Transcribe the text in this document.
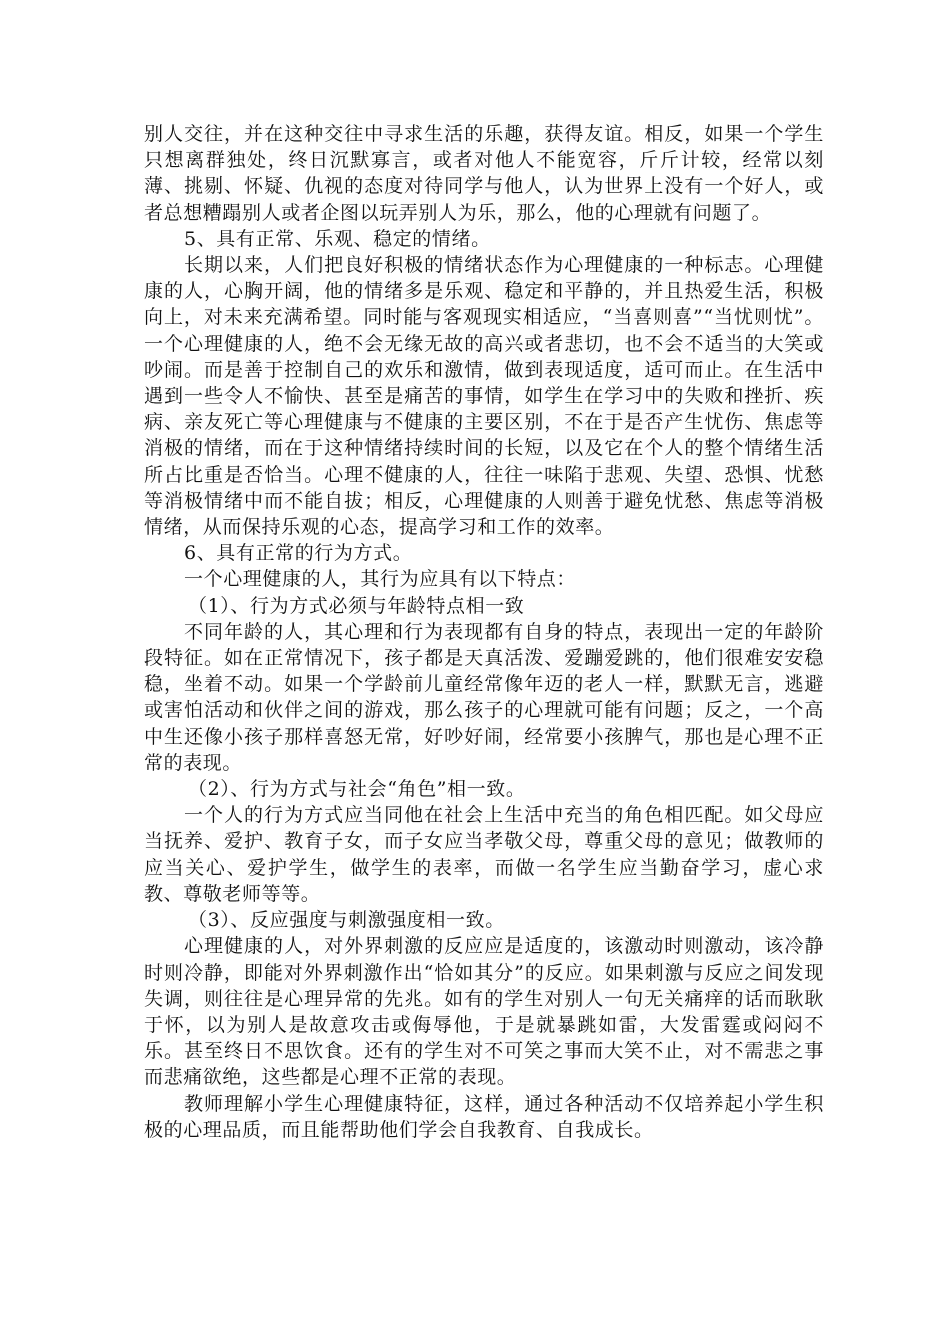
别人交往，并在这种交往中寻求生活的乐趣，获得友谊。相反，如果一个学生只想离群独处，终日沉默寡言，或者对他人不能宽容，斤斤计较，经常以刻薄、挑剔、怀疑、仇视的态度对待同学与他人，认为世界上没有一个好人，或者总想糟蹋别人或者企图以玩弄别人为乐，那么，他的心理就有问题了。

5、具有正常、乐观、稳定的情绪。

长期以来，人们把良好积极的情绪状态作为心理健康的一种标志。心理健康的人，心胸开阔，他的情绪多是乐观、稳定和平静的，并且热爱生活，积极向上，对未来充满希望。同时能与客观现实相适应，“当喜则喜”“当忧则忧”。一个心理健康的人，绝不会无缘无故的高兴或者悲切，也不会不适当的大笑或吵闹。而是善于控制自己的欢乐和激情，做到表现适度，适可而止。在生活中遇到一些令人不愉快、甚至是痛苦的事情，如学生在学习中的失败和挫折、疾病、亲友死亡等心理健康与不健康的主要区别，不在于是否产生忧伤、焦虑等消极的情绪，而在于这种情绪持续时间的长短，以及它在个人的整个情绪生活所占比重是否恰当。心理不健康的人，往往一味陷于悲观、失望、恐惧、忧愁等消极情绪中而不能自拔；相反，心理健康的人则善于避免忧愁、焦虑等消极情绪，从而保持乐观的心态，提高学习和工作的效率。

6、具有正常的行为方式。

一个心理健康的人，其行为应具有以下特点：

（1）、行为方式必须与年龄特点相一致

不同年龄的人，其心理和行为表现都有自身的特点，表现出一定的年龄阶段特征。如在正常情况下，孩子都是天真活泼、爱蹦爱跳的，他们很难安安稳稳，坐着不动。如果一个学龄前儿童经常像年迈的老人一样，默默无言，逃避或害怕活动和伙伴之间的游戏，那么孩子的心理就可能有问题；反之，一个高中生还像小孩子那样喜怒无常，好吵好闹，经常要小孩脾气，那也是心理不正常的表现。

（2）、行为方式与社会“角色”相一致。

一个人的行为方式应当同他在社会上生活中充当的角色相匹配。如父母应当抚养、爱护、教育子女，而子女应当孝敬父母，尊重父母的意见；做教师的应当关心、爱护学生，做学生的表率，而做一名学生应当勤奋学习，虚心求教、尊敬老师等等。

（3）、反应强度与刺激强度相一致。

心理健康的人，对外界刺激的反应应是适度的，该激动时则激动，该冷静时则冷静，即能对外界刺激作出“恰如其分”的反应。如果刺激与反应之间发现失调，则往往是心理异常的先兆。如有的学生对别人一句无关痛痒的话而耿耿于怀，以为别人是故意攻击或侮辱他，于是就暴跳如雷，大发雷霆或闷闷不乐。甚至终日不思饮食。还有的学生对不可笑之事而大笑不止，对不需悲之事而悲痛欲绝，这些都是心理不正常的表现。

教师理解小学生心理健康特征，这样，通过各种活动不仅培养起小学生积极的心理品质，而且能帮助他们学会自我教育、自我成长。
